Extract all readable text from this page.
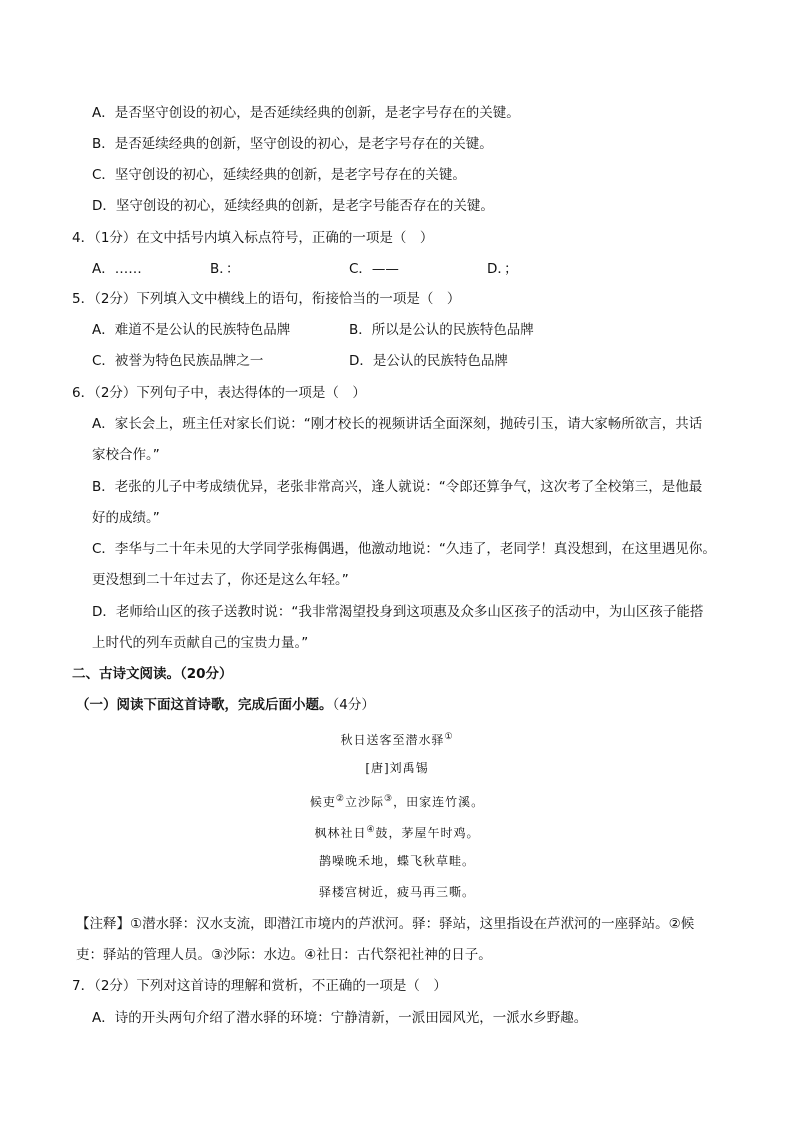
A．是否坚守创设的初心，是否延续经典的创新，是老字号存在的关键。
B．是否延续经典的创新，坚守创设的初心，是老字号存在的关键。
C．坚守创设的初心，延续经典的创新，是老字号存在的关键。
D．坚守创设的初心，延续经典的创新，是老字号能否存在的关键。
4．（1分）在文中括号内填入标点符号，正确的一项是（　）
A．……	B．：	C．——	D．；
5．（2分）下列填入文中横线上的语句，衔接恰当的一项是（　）
A．难道不是公认的民族特色品牌	B．所以是公认的民族特色品牌
C．被誉为特色民族品牌之一	D．是公认的民族特色品牌
6．（2分）下列句子中，表达得体的一项是（　）
A．家长会上，班主任对家长们说：“刚才校长的视频讲话全面深刻，抛砖引玉，请大家畅所欲言，共话
家校合作。”
B．老张的儿子中考成绩优异，老张非常高兴，逢人就说：“令郎还算争气，这次考了全校第三，是他最
好的成绩。”
C．李华与二十年未见的大学同学张梅偶遇，他激动地说：“久违了，老同学！真没想到，在这里遇见你。
更没想到二十年过去了，你还是这么年轻。”
D．老师给山区的孩子送教时说：“我非常渴望投身到这项惠及众多山区孩子的活动中，为山区孩子能搭
上时代的列车贡献自己的宝贵力量。”
二、古诗文阅读。（20分）
（一）阅读下面这首诗歌，完成后面小题。（4分）
秋日送客至潜水驿①
[唐]刘禹锡
候吏②立沙际③，田家连竹溪。
枫林社日④鼓，茅屋午时鸡。
鹊噪晚禾地，蝶飞秋草畦。
驿楼宫树近，疲马再三嘶。
【注释】①潜水驿：汉水支流，即潜江市境内的芦洑河。驿：驿站，这里指设在芦洑河的一座驿站。②候
吏：驿站的管理人员。③沙际：水边。④社日：古代祭祀社神的日子。
7．（2分）下列对这首诗的理解和赏析，不正确的一项是（　）
A．诗的开头两句介绍了潜水驿的环境：宁静清新，一派田园风光，一派水乡野趣。
